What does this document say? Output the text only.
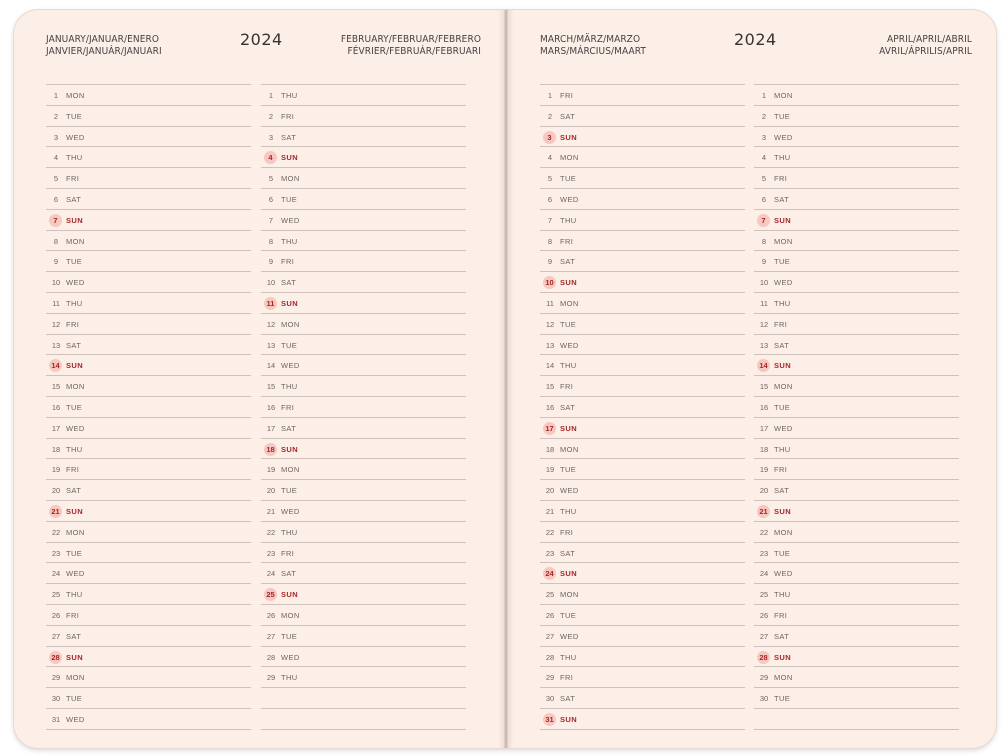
JANUARY/JANUAR/ENERO
JANVIER/JANUÁR/JANUARI
2024	FEBRUARY/FEBRUAR/FEBRERO
FÉVRIER/FEBRUÁR/FEBRUARI
1	MON
2	TUE
3	WED
4	THU
5	FRI
6	SAT
7	SUN
8	MON
9	TUE
10 WED
11 THU
12 FRI
13 SAT
14 SUN
15 MON
16 TUE
17 WED
18 THU
19 FRI
20 SAT
21 SUN
22 MON
23 TUE
24 WED
25 THU
26 FRI
27 SAT
28 SUN
29 MON
30 TUE
31 WED
1	THU
2	FRI
3	SAT
4	SUN
5	MON
6	TUE
7	WED
8	THU
9	FRI
10 SAT
11 SUN
12 MON
13 TUE
14 WED
15 THU
16 FRI
17 SAT
18 SUN
19 MON
20 TUE
21 WED
22 THU
23 FRI
24 SAT
25 SUN
26 MON
27 TUE
28 WED
29 THU
MARCH/MÄRZ/MARZO
MARS/MÁRCIUS/MAART
2024	APRIL/APRIL/ABRIL
AVRIL/ÁPRILIS/APRIL
1	FRI
2	SAT
3	SUN
4	MON
5	TUE
6	WED
7	THU
8	FRI
9	SAT
10 SUN
11 MON
12 TUE
13 WED
14 THU
15 FRI
16 SAT
17 SUN
18 MON
19 TUE
20 WED
21 THU
22 FRI
23 SAT
24 SUN
25 MON
26 TUE
27 WED
28 THU
29 FRI
30 SAT
31 SUN
1	MON
2	TUE
3	WED
4	THU
5	FRI
6	SAT
7	SUN
8	MON
9	TUE
10 WED
11 THU
12 FRI
13 SAT
14 SUN
15 MON
16 TUE
17 WED
18 THU
19 FRI
20 SAT
21 SUN
22 MON
23 TUE
24 WED
25 THU
26 FRI
27 SAT
28 SUN
29 MON
30 TUE
